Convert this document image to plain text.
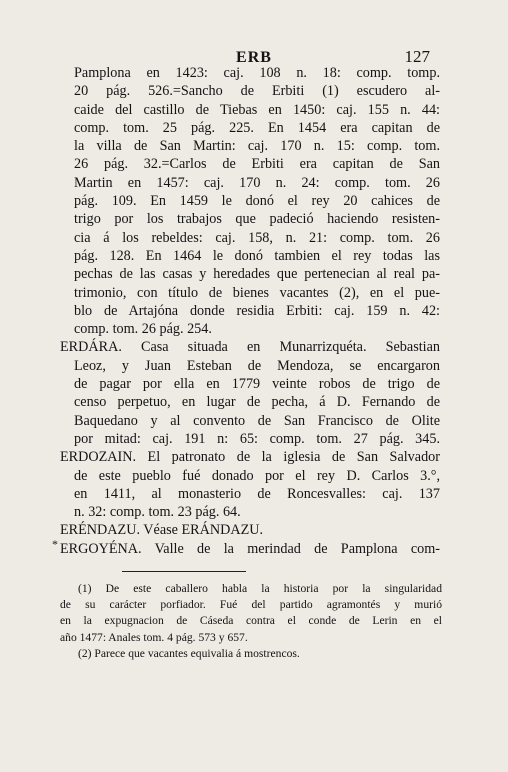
ERB	127
Pamplona en 1423: caj. 108 n. 18: comp. tomp.
20 pág. 526.=Sancho de Erbiti (1) escudero al-
caide del castillo de Tiebas en 1450: caj. 155 n. 44:
comp. tom. 25 pág. 225. En 1454 era capitan de
la villa de San Martin: caj. 170 n. 15: comp. tom.
26 pág. 32.=Carlos de Erbiti era capitan de San
Martin en 1457: caj. 170 n. 24: comp. tom. 26
pág. 109. En 1459 le donó el rey 20 cahices de
trigo por los trabajos que padeció haciendo resisten-
cia á los rebeldes: caj. 158, n. 21: comp. tom. 26
pág. 128. En 1464 le donó tambien el rey todas las
pechas de las casas y heredades que pertenecian al real pa-
trimonio, con título de bienes vacantes (2), en el pue-
blo de Artajóna donde residia Erbiti: caj. 159 n. 42:
comp. tom. 26 pág. 254.
ERDÁRA. Casa situada en Munarrizquéta. Sebastian
Leoz, y Juan Esteban de Mendoza, se encargaron
de pagar por ella en 1779 veinte robos de trigo de
censo perpetuo, en lugar de pecha, á D. Fernando de
Baquedano y al convento de San Francisco de Olite
por mitad: caj. 191 n: 65: comp. tom. 27 pág. 345.
ERDOZAIN. El patronato de la iglesia de San Salvador
de este pueblo fué donado por el rey D. Carlos 3.°,
en 1411, al monasterio de Roncesvalles: caj. 137
n. 32: comp. tom. 23 pág. 64.
ERÉNDAZU. Véase ERÁNDAZU.
ERGOYÉNA. Valle de la merindad de Pamplona com-
*
(1) De este caballero habla la historia por la singularidad
de su carácter porfiador. Fué del partido agramontés y murió
en la expugnacion de Cáseda contra el conde de Lerin en el
año 1477: Anales tom. 4 pág. 573 y 657.
(2) Parece que vacantes equivalia á mostrencos.
